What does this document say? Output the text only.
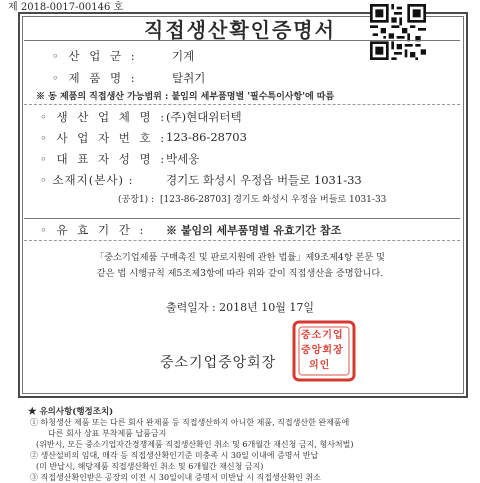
제 2018-0017-00146 호
직접생산확인증명서
◦ 산 업 군 :	기계
◦ 제 품 명 :	탈취기
※ 동 제품의 직접생산 가능범위 : 붙임의 세부품명별 '필수특이사항'에 따름
◦ 생 산 업 체 명 :
(주)현대위터텍
◦ 사 업 자 번 호 :
123-86-28703
◦ 대 표 자 성 명 :
박세웅
◦ 소재지(본사) :	경기도 화성시 우정읍 버들로 1031-33
(공장1) : [123-86-28703] 경기도 화성시 우정읍 버들로 1031-33
◦ 유 효 기 간 : ※ 붙임의 세부품명별 유효기간 참조
「중소기업제품 구매촉진 및 판로지원에 관한 법률」제9조제4항 본문 및
같은 법 시행규칙 제5조제3항에 따라 위와 같이 직접생산을 증명합니다.
출력일자 : 2018년 10월 17일
중소기업
중앙회장
의인
중소기업중앙회장
★ 유의사항(행정조치)
① 하청생산 제품 또는 다른 회사 완제품 등 직접생산하지 아니한 제품, 직접생산한 완제품에
다른 회사 상표 부착제품 납품금지
(위반시, 모든 중소기업자간경쟁제품 직접생산확인 취소 및 6개월간 재신청 금지, 형사처벌)
② 생산설비의 임대, 매각 등 직접생산확인기준 미충족 시 30일 이내에 증명서 반납
(미 반납시, 해당제품 직접생산확인 취소 및 6개월간 재신청 금지)
③ 직접생산확인받은 공장의 이전 시 30일이내 증명서 미반납 시 직접생산확인 취소
